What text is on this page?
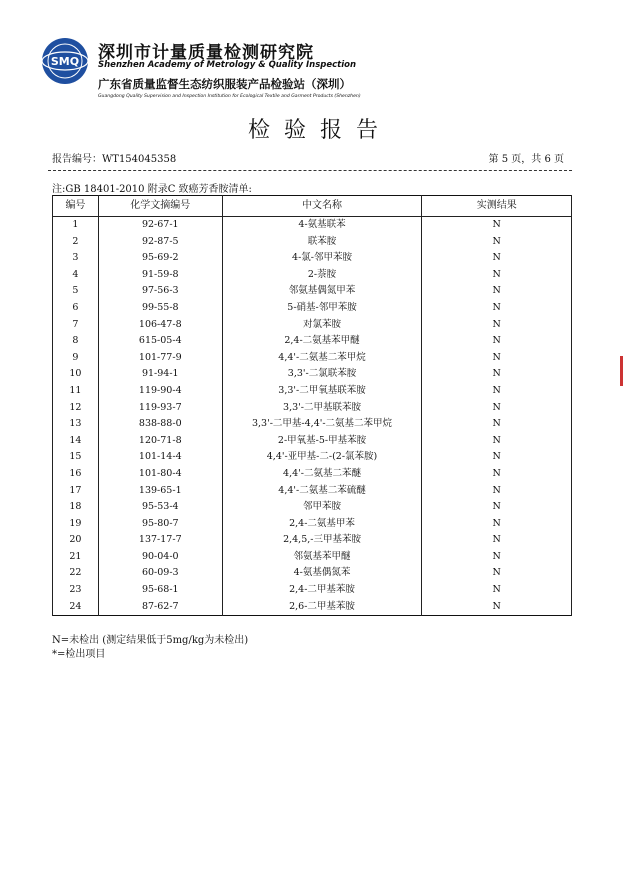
SMQ 深圳市计量质量检测研究院
Shenzhen Academy of Metrology & Quality Inspection
广东省质量监督生态纺织服装产品检验站（深圳）
Guangdong Quality Supervision and Inspection Institution for Ecological Textile and Garment Products (Shenzhen)
检验报告
报告编号：WT154045358	第 5 页，共 6 页
注:GB 18401-2010 附录C 致癌芳香胺清单:
编号	化学文摘编号	中文名称	实测结果
1	92-67-1	4-氨基联苯	N
2	92-87-5	联苯胺	N
3	95-69-2	4-氯-邻甲苯胺	N
4	91-59-8	2-萘胺	N
5	97-56-3	邻氨基偶氮甲苯	N
6	99-55-8	5-硝基-邻甲苯胺	N
7	106-47-8	对氯苯胺	N
8	615-05-4	2,4-二氨基苯甲醚	N
9	101-77-9	4,4'-二氨基二苯甲烷	N
10	91-94-1	3,3'-二氯联苯胺	N
11	119-90-4	3,3'-二甲氧基联苯胺	N
12	119-93-7	3,3'-二甲基联苯胺	N
13	838-88-0	3,3'-二甲基-4,4'-二氨基二苯甲烷	N
14	120-71-8	2-甲氧基-5-甲基苯胺	N
15	101-14-4	4,4'-亚甲基-二-(2-氯苯胺)	N
16	101-80-4	4,4'-二氨基二苯醚	N
17	139-65-1	4,4'-二氨基二苯硫醚	N
18	95-53-4	邻甲苯胺	N
19	95-80-7	2,4-二氨基甲苯	N
20	137-17-7	2,4,5,-三甲基苯胺	N
21	90-04-0	邻氨基苯甲醚	N
22	60-09-3	4-氨基偶氮苯	N
23	95-68-1	2,4-二甲基苯胺	N
24	87-62-7	2,6-二甲基苯胺	N
N=未检出 (测定结果低于5mg/kg为未检出)
*=检出项目
